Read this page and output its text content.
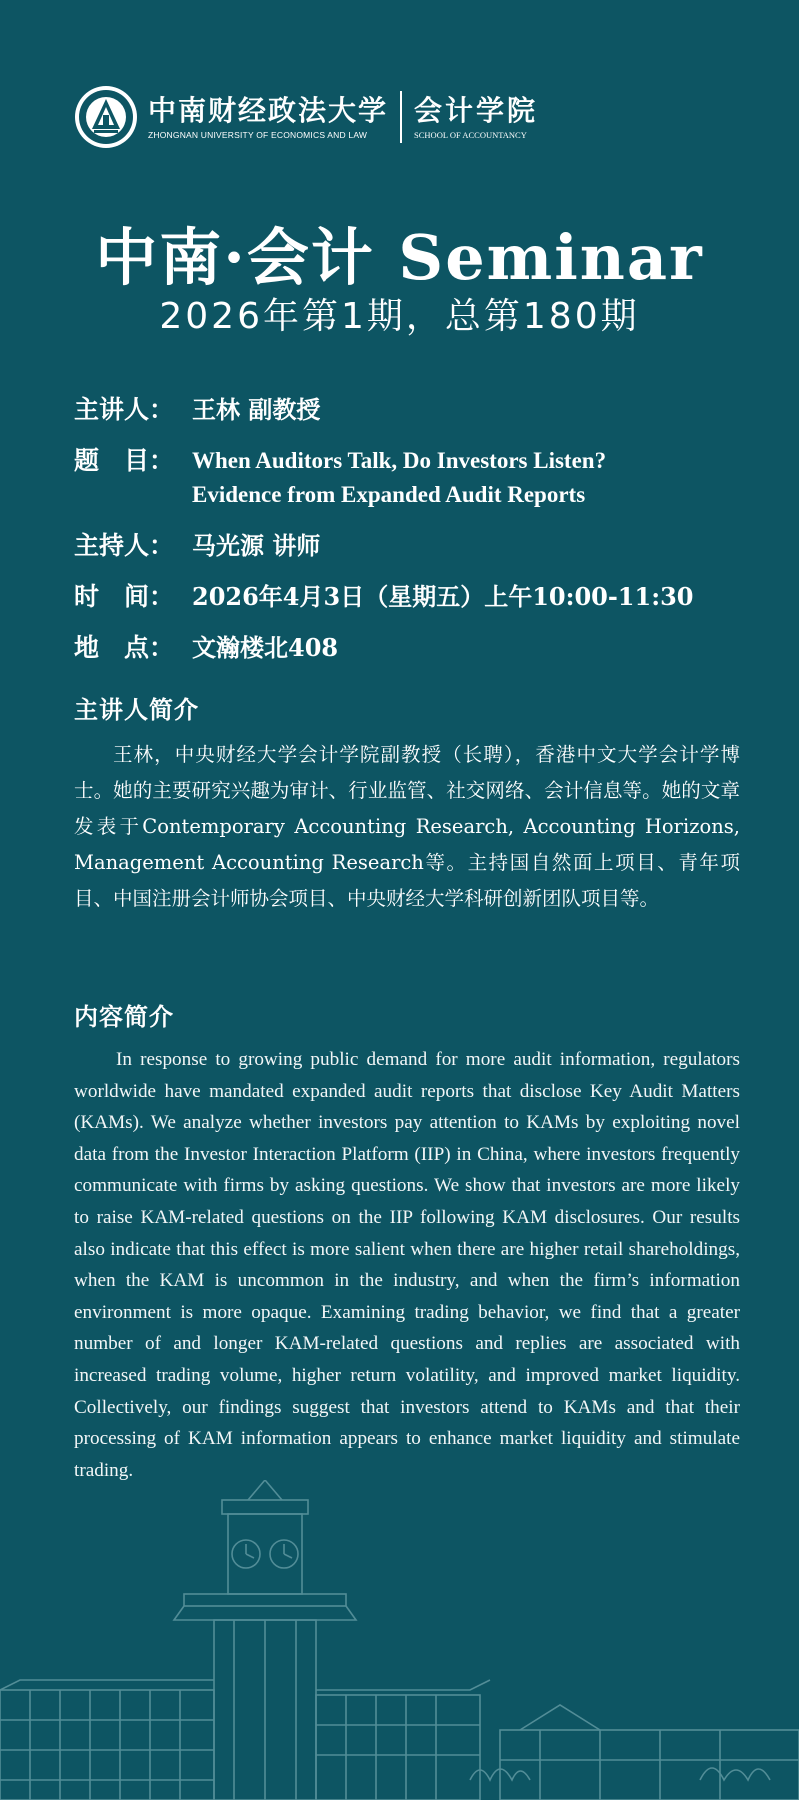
中南财经政法大学
ZHONGNAN UNIVERSITY OF ECONOMICS AND LAW
会计学院
SCHOOL OF ACCOUNTANCY
中南·会计 Seminar
2026年第1期，总第180期
主讲人： 王林 副教授
题　目： When Auditors Talk, Do Investors Listen?
Evidence from Expanded Audit Reports
主持人： 马光源 讲师
时　间： 2026年4月3日（星期五）上午10:00-11:30
地　点： 文瀚楼北408
主讲人简介
王林，中央财经大学会计学院副教授（长聘），香港中文大学会计学博士。她的主要研究兴趣为审计、行业监管、社交网络、会计信息等。她的文章发表于Contemporary Accounting Research, Accounting Horizons, Management Accounting Research等。主持国自然面上项目、青年项目、中国注册会计师协会项目、中央财经大学科研创新团队项目等。
内容简介
In response to growing public demand for more audit information, regulators worldwide have mandated expanded audit reports that disclose Key Audit Matters (KAMs). We analyze whether investors pay attention to KAMs by exploiting novel data from the Investor Interaction Platform (IIP) in China, where investors frequently communicate with firms by asking questions. We show that investors are more likely to raise KAM-related questions on the IIP following KAM disclosures. Our results also indicate that this effect is more salient when there are higher retail shareholdings, when the KAM is uncommon in the industry, and when the firm’s information environment is more opaque. Examining trading behavior, we find that a greater number of and longer KAM-related questions and replies are associated with increased trading volume, higher return volatility, and improved market liquidity. Collectively, our findings suggest that investors attend to KAMs and that their processing of KAM information appears to enhance market liquidity and stimulate trading.
